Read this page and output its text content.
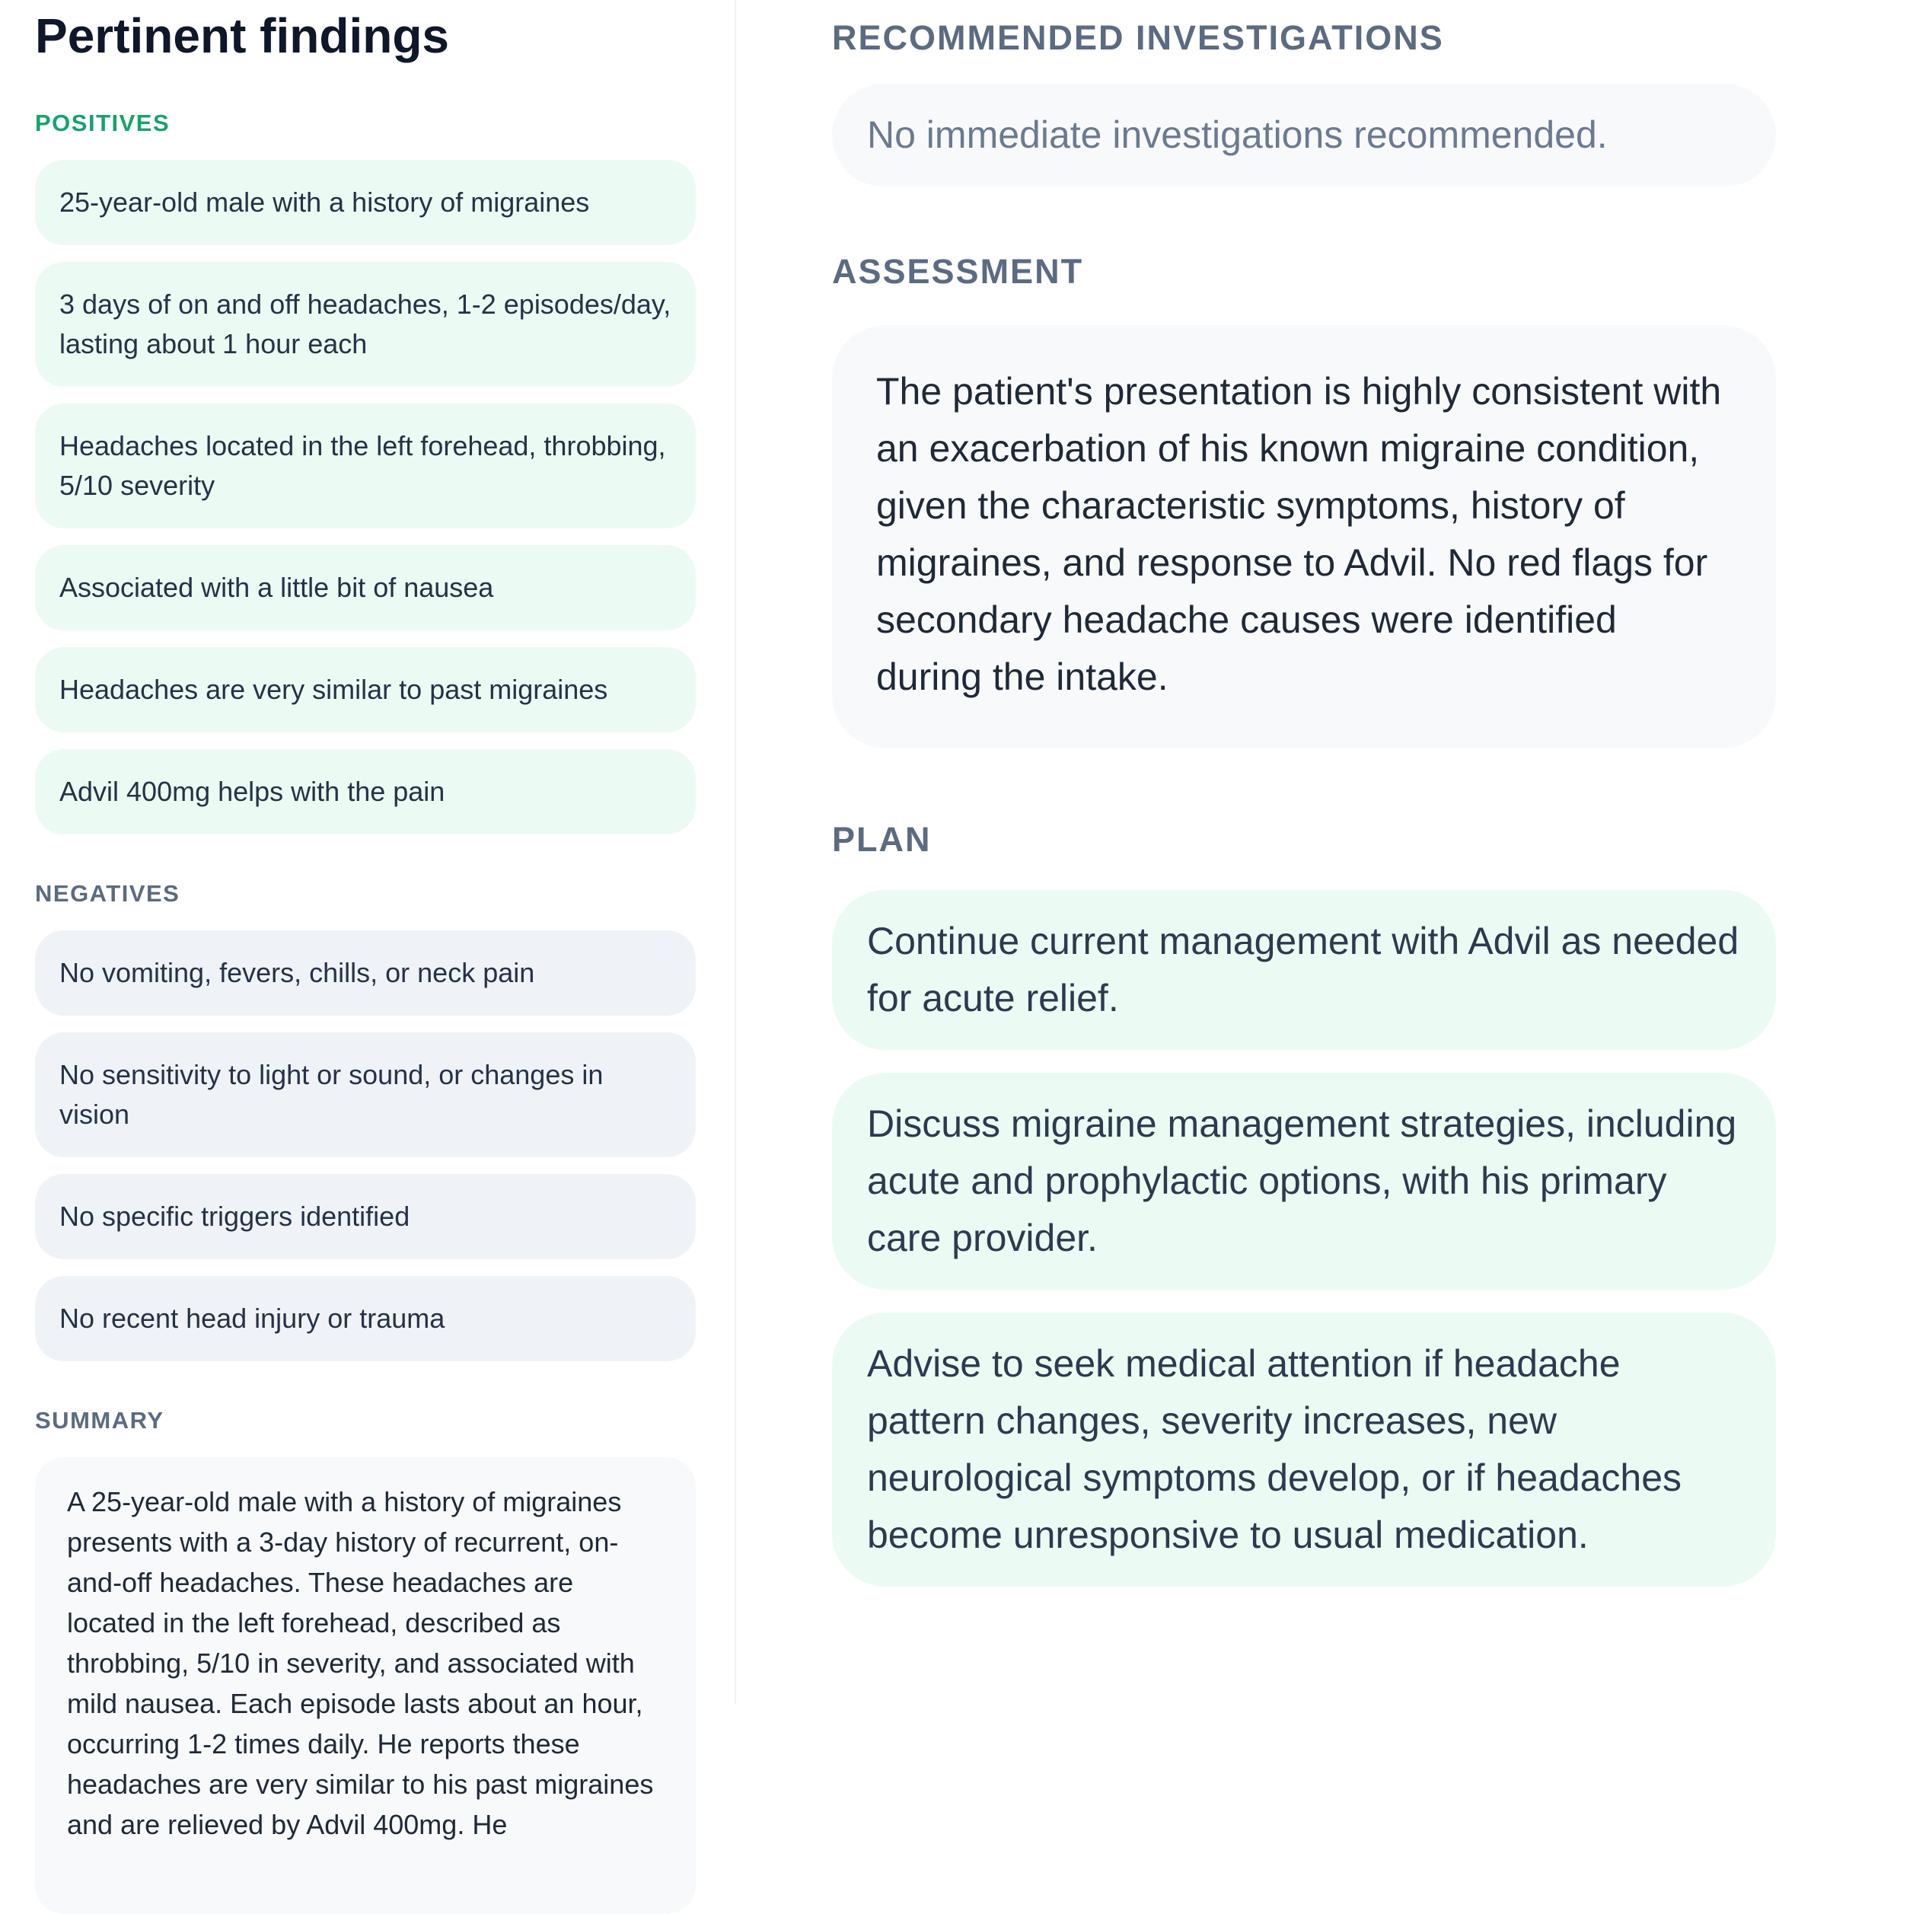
Pertinent findings
POSITIVES
25-year-old male with a history of migraines
3 days of on and off headaches, 1-2 episodes/day, lasting about 1 hour each
Headaches located in the left forehead, throbbing, 5/10 severity
Associated with a little bit of nausea
Headaches are very similar to past migraines
Advil 400mg helps with the pain
NEGATIVES
No vomiting, fevers, chills, or neck pain
No sensitivity to light or sound, or changes in vision
No specific triggers identified
No recent head injury or trauma
SUMMARY
A 25-year-old male with a history of migraines presents with a 3-day history of recurrent, on-and-off headaches. These headaches are located in the left forehead, described as throbbing, 5/10 in severity, and associated with mild nausea. Each episode lasts about an hour, occurring 1-2 times daily. He reports these headaches are very similar to his past migraines and are relieved by Advil 400mg. He
RECOMMENDED INVESTIGATIONS
No immediate investigations recommended.
ASSESSMENT
The patient's presentation is highly consistent with an exacerbation of his known migraine condition, given the characteristic symptoms, history of migraines, and response to Advil. No red flags for secondary headache causes were identified during the intake.
PLAN
Continue current management with Advil as needed for acute relief.
Discuss migraine management strategies, including acute and prophylactic options, with his primary care provider.
Advise to seek medical attention if headache pattern changes, severity increases, new neurological symptoms develop, or if headaches become unresponsive to usual medication.
